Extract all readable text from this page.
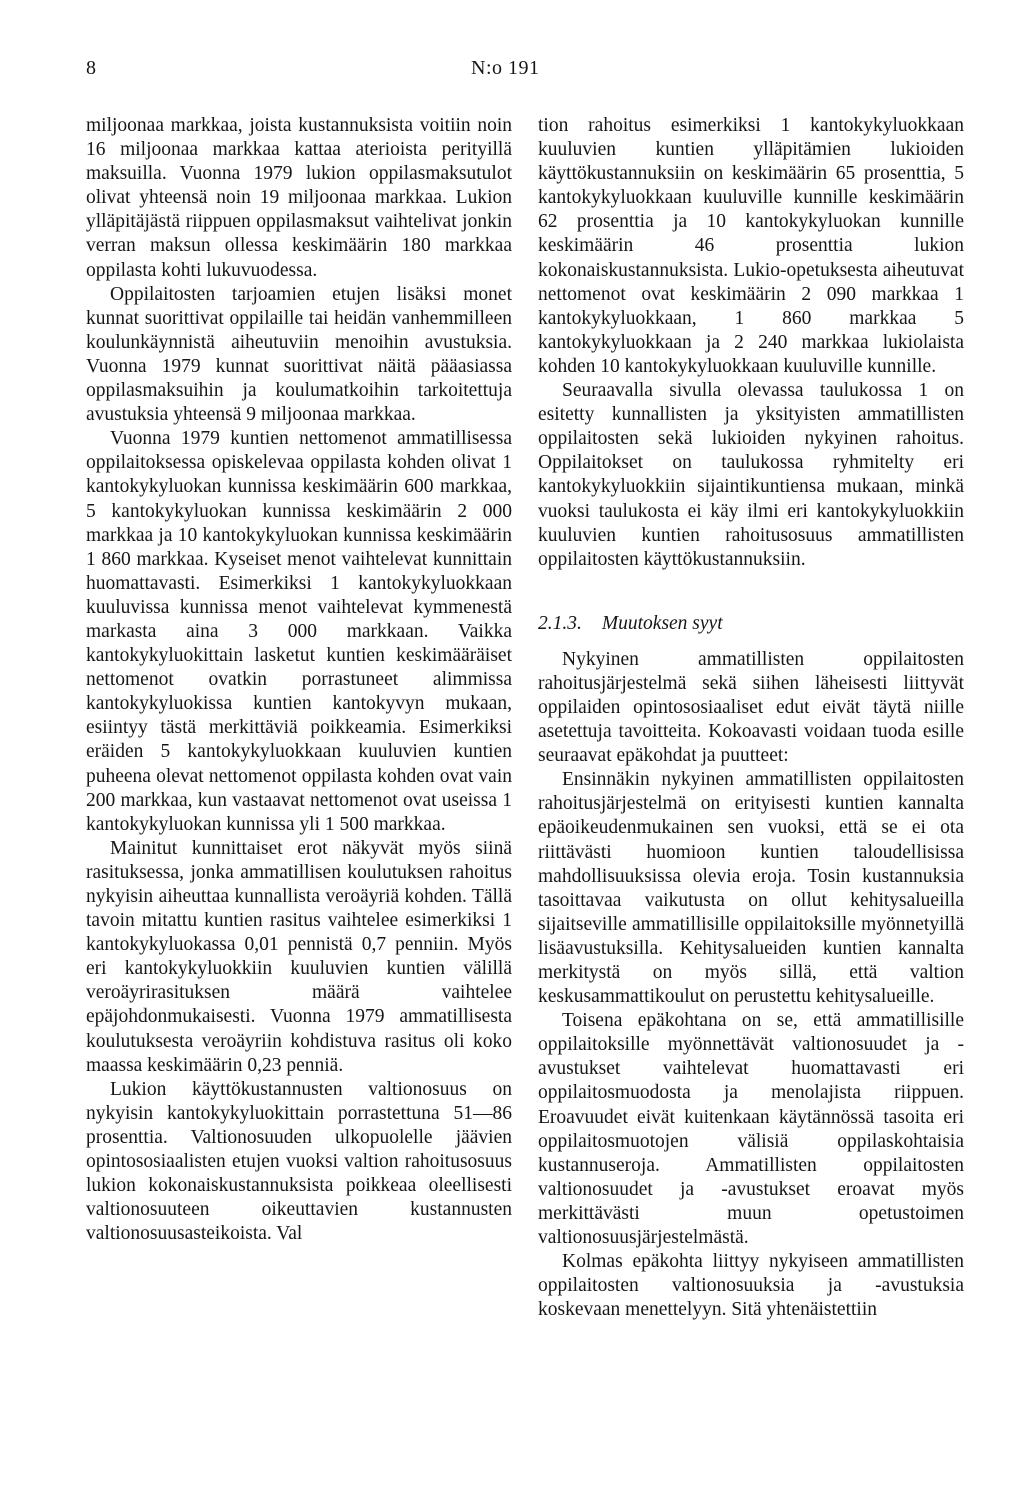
8	N:o 191

miljoonaa markkaa, joista kustannuksista voitiin noin 16 miljoonaa markkaa kattaa aterioista perityillä maksuilla. Vuonna 1979 lukion oppilasmaksutulot olivat yhteensä noin 19 miljoonaa markkaa. Lukion ylläpitäjästä riippuen oppilasmaksut vaihtelivat jonkin verran maksun ollessa keskimäärin 180 markkaa oppilasta kohti lukuvuodessa.

Oppilaitosten tarjoamien etujen lisäksi monet kunnat suorittivat oppilaille tai heidän vanhemmilleen koulunkäynnistä aiheutuviin menoihin avustuksia. Vuonna 1979 kunnat suorittivat näitä pääasiassa oppilasmaksuihin ja koulumatkoihin tarkoitettuja avustuksia yhteensä 9 miljoonaa markkaa.

Vuonna 1979 kuntien nettomenot ammatillisessa oppilaitoksessa opiskelevaa oppilasta kohden olivat 1 kantokykyluokan kunnissa keskimäärin 600 markkaa, 5 kantokykyluokan kunnissa keskimäärin 2 000 markkaa ja 10 kantokykyluokan kunnissa keskimäärin 1 860 markkaa. Kyseiset menot vaihtelevat kunnittain huomattavasti. Esimerkiksi 1 kantokykyluokkaan kuuluvissa kunnissa menot vaihtelevat kymmenestä markasta aina 3 000 markkaan. Vaikka kantokykyluokittain lasketut kuntien keskimääräiset nettomenot ovatkin porrastuneet alimmissa kantokykyluokissa kuntien kantokyvyn mukaan, esiintyy tästä merkittäviä poikkeamia. Esimerkiksi eräiden 5 kantokykyluokkaan kuuluvien kuntien puheena olevat nettomenot oppilasta kohden ovat vain 200 markkaa, kun vastaavat nettomenot ovat useissa 1 kantokykyluokan kunnissa yli 1 500 markkaa.

Mainitut kunnittaiset erot näkyvät myös siinä rasituksessa, jonka ammatillisen koulutuksen rahoitus nykyisin aiheuttaa kunnallista veroäyriä kohden. Tällä tavoin mitattu kuntien rasitus vaihtelee esimerkiksi 1 kantokykyluokassa 0,01 pennistä 0,7 penniin. Myös eri kantokykyluokkiin kuuluvien kuntien välillä veroäyrirasituksen määrä vaihtelee epäjohdonmukaisesti. Vuonna 1979 ammatillisesta koulutuksesta veroäyriin kohdistuva rasitus oli koko maassa keskimäärin 0,23 penniä.

Lukion käyttökustannusten valtionosuus on nykyisin kantokykyluokittain porrastettuna 51—86 prosenttia. Valtionosuuden ulkopuolelle jäävien opintososiaalisten etujen vuoksi valtion rahoitusosuus lukion kokonaiskustannuksista poikkeaa oleellisesti valtionosuuteen oikeuttavien kustannusten valtionosuusasteikoista. Val

tion rahoitus esimerkiksi 1 kantokykyluokkaan kuuluvien kuntien ylläpitämien lukioiden käyttökustannuksiin on keskimäärin 65 prosenttia, 5 kantokykyluokkaan kuuluville kunnille keskimäärin 62 prosenttia ja 10 kantokykyluokan kunnille keskimäärin 46 prosenttia lukion kokonaiskustannuksista. Lukio-opetuksesta aiheutuvat nettomenot ovat keskimäärin 2 090 markkaa 1 kantokykyluokkaan, 1 860 markkaa 5 kantokykyluokkaan ja 2 240 markkaa lukiolaista kohden 10 kantokykyluokkaan kuuluville kunnille.

Seuraavalla sivulla olevassa taulukossa 1 on esitetty kunnallisten ja yksityisten ammatillisten oppilaitosten sekä lukioiden nykyinen rahoitus. Oppilaitokset on taulukossa ryhmitelty eri kantokykyluokkiin sijaintikuntiensa mukaan, minkä vuoksi taulukosta ei käy ilmi eri kantokykyluokkiin kuuluvien kuntien rahoitusosuus ammatillisten oppilaitosten käyttökustannuksiin.

2.1.3. Muutoksen syyt

Nykyinen ammatillisten oppilaitosten rahoitusjärjestelmä sekä siihen läheisesti liittyvät oppilaiden opintososiaaliset edut eivät täytä niille asetettuja tavoitteita. Kokoavasti voidaan tuoda esille seuraavat epäkohdat ja puutteet:

Ensinnäkin nykyinen ammatillisten oppilaitosten rahoitusjärjestelmä on erityisesti kuntien kannalta epäoikeudenmukainen sen vuoksi, että se ei ota riittävästi huomioon kuntien taloudellisissa mahdollisuuksissa olevia eroja. Tosin kustannuksia tasoittavaa vaikutusta on ollut kehitysalueilla sijaitseville ammatillisille oppilaitoksille myönnetyillä lisäavustuksilla. Kehitysalueiden kuntien kannalta merkitystä on myös sillä, että valtion keskusammattikoulut on perustettu kehitysalueille.

Toisena epäkohtana on se, että ammatillisille oppilaitoksille myönnettävät valtionosuudet ja -avustukset vaihtelevat huomattavasti eri oppilaitosmuodosta ja menolajista riippuen. Eroavuudet eivät kuitenkaan käytännössä tasoita eri oppilaitosmuotojen välisiä oppilaskohtaisia kustannuseroja. Ammatillisten oppilaitosten valtionosuudet ja -avustukset eroavat myös merkittävästi muun opetustoimen valtionosuusjärjestelmästä.

Kolmas epäkohta liittyy nykyiseen ammatillisten oppilaitosten valtionosuuksia ja -avustuksia koskevaan menettelyyn. Sitä yhtenäistettiin
